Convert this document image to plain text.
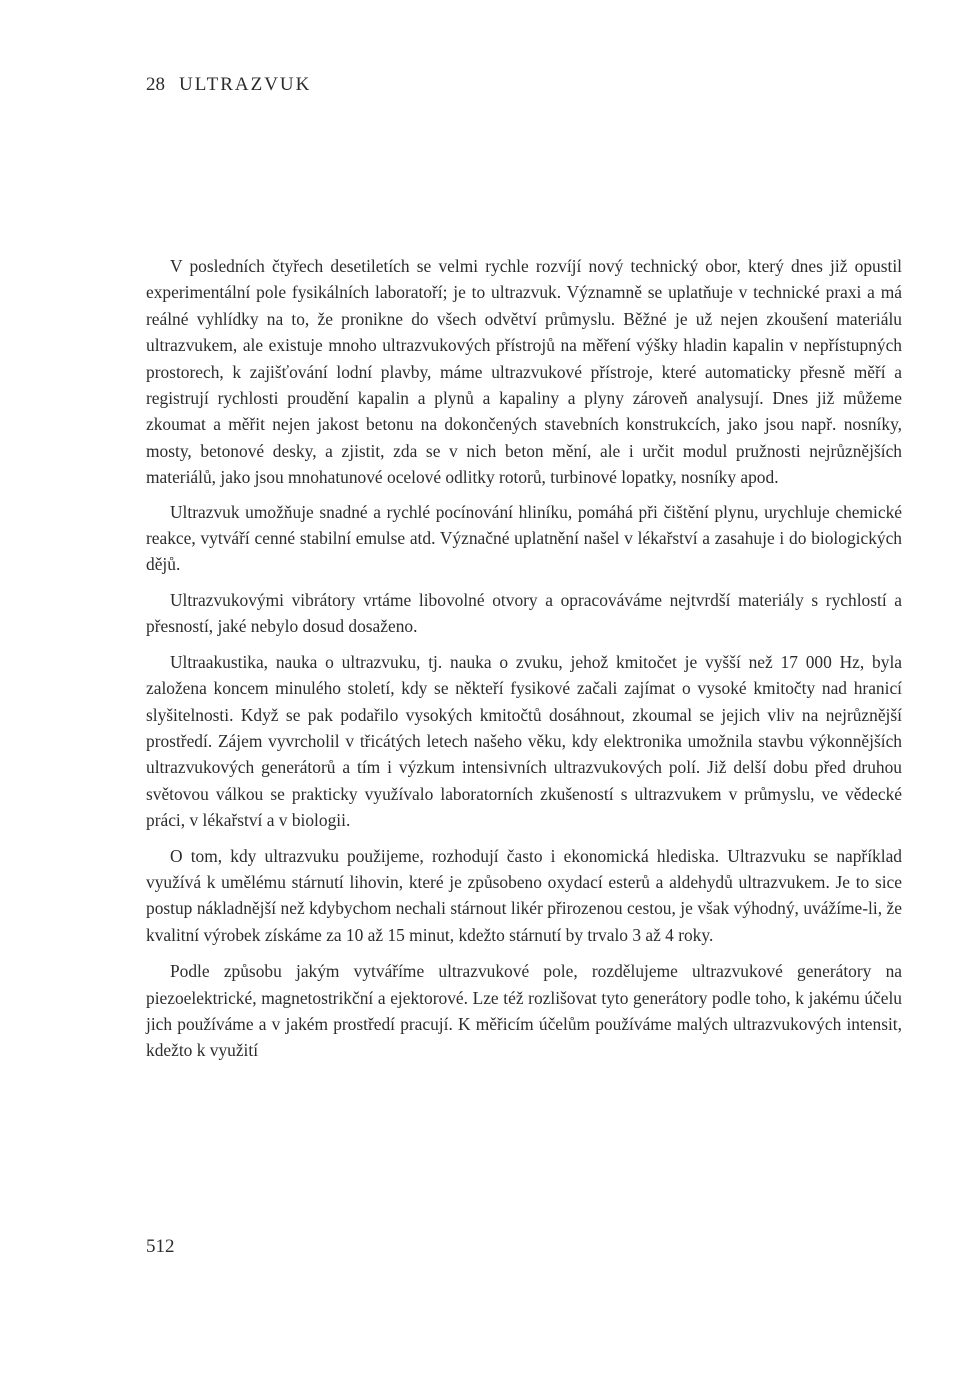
28 ULTRAZVUK

V posledních čtyřech desetiletích se velmi rychle rozvíjí nový technický obor, který dnes již opustil experimentální pole fysikálních laboratoří; je to ultrazvuk. Významně se uplatňuje v technické praxi a má reálné vyhlídky na to, že pronikne do všech odvětví průmyslu. Běžné je už nejen zkoušení materiálu ultrazvukem, ale existuje mnoho ultrazvukových přístrojů na měření výšky hladin kapalin v nepřístupných prostorech, k zajišťování lodní plavby, máme ultrazvukové přístroje, které automaticky přesně měří a registrují rychlosti proudění kapalin a plynů a kapaliny a plyny zároveň analysují. Dnes již můžeme zkoumat a měřit nejen jakost betonu na dokončených stavebních konstrukcích, jako jsou např. nosníky, mosty, betonové desky, a zjistit, zda se v nich beton mění, ale i určit modul pružnosti nejrůznějších materiálů, jako jsou mnohatunové ocelové odlitky rotorů, turbinové lopatky, nosníky apod.

Ultrazvuk umožňuje snadné a rychlé pocínování hliníku, pomáhá při čištění plynu, urychluje chemické reakce, vytváří cenné stabilní emulse atd. Význačné uplatnění našel v lékařství a zasahuje i do biologických dějů.

Ultrazvukovými vibrátory vrtáme libovolné otvory a opracováváme nejtvrdší materiály s rychlostí a přesností, jaké nebylo dosud dosaženo.

Ultraakustika, nauka o ultrazvuku, tj. nauka o zvuku, jehož kmitočet je vyšší než 17 000 Hz, byla založena koncem minulého století, kdy se někteří fysikové začali zajímat o vysoké kmitočty nad hranicí slyšitelnosti. Když se pak podařilo vysokých kmitočtů dosáhnout, zkoumal se jejich vliv na nejrůznější prostředí. Zájem vyvrcholil v třicátých letech našeho věku, kdy elektronika umožnila stavbu výkonnějších ultrazvukových generátorů a tím i výzkum intensivních ultrazvukových polí. Již delší dobu před druhou světovou válkou se prakticky využívalo laboratorních zkušeností s ultrazvukem v průmyslu, ve vědecké práci, v lékařství a v biologii.

O tom, kdy ultrazvuku použijeme, rozhodují často i ekonomická hlediska. Ultrazvuku se například využívá k umělému stárnutí lihovin, které je způsobeno oxydací esterů a aldehydů ultrazvukem. Je to sice postup nákladnější než kdybychom nechali stárnout likér přirozenou cestou, je však výhodný, uvážíme-li, že kvalitní výrobek získáme za 10 až 15 minut, kdežto stárnutí by trvalo 3 až 4 roky.

Podle způsobu jakým vytváříme ultrazvukové pole, rozdělujeme ultrazvukové generátory na piezoelektrické, magnetostrikční a ejektorové. Lze též rozlišovat tyto generátory podle toho, k jakému účelu jich používáme a v jakém prostředí pracují. K měřicím účelům používáme malých ultrazvukových intensit, kdežto k využití

512
